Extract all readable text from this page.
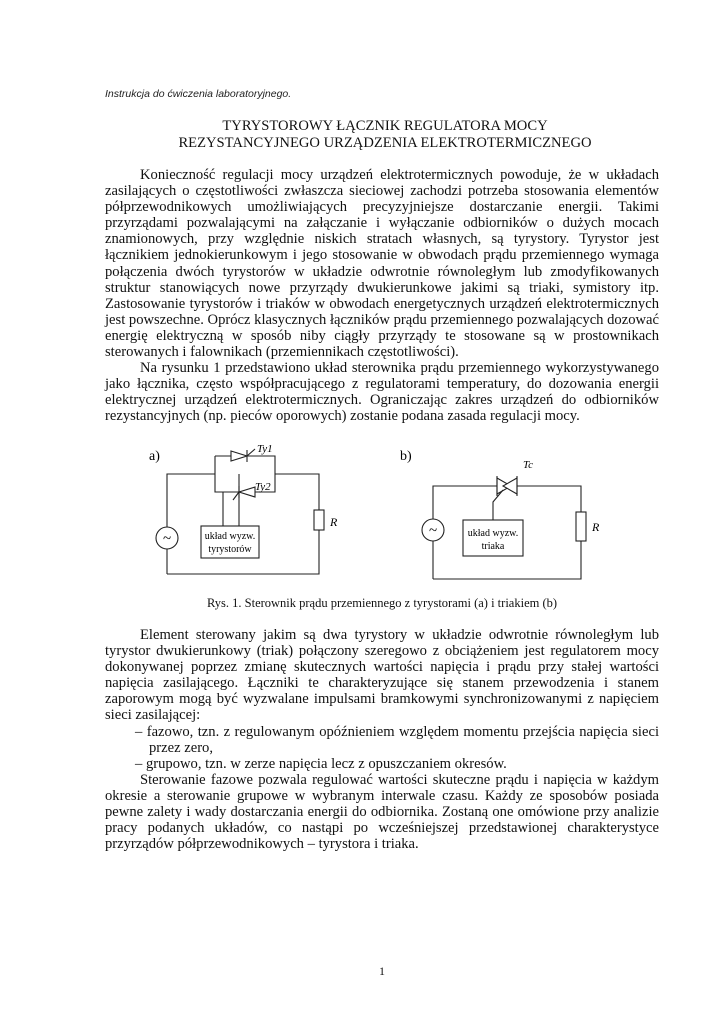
Instrukcja do ćwiczenia laboratoryjnego.
TYRYSTOROWY ŁĄCZNIK REGULATORA MOCY
REZYSTANCYJNEGO URZĄDZENIA ELEKTROTERMICZNEGO

Konieczność regulacji mocy urządzeń elektrotermicznych powoduje, że w układach zasilających o częstotliwości zwłaszcza sieciowej zachodzi potrzeba stosowania elementów półprzewodnikowych umożliwiających precyzyjniejsze dostarczanie energii. Takimi przyrządami pozwalającymi na załączanie i wyłączanie odbiorników o dużych mocach znamionowych, przy względnie niskich stratach własnych, są tyrystory. Tyrystor jest łącznikiem jednokierunkowym i jego stosowanie w obwodach prądu przemiennego wymaga połączenia dwóch tyrystorów w układzie odwrotnie równoległym lub zmodyfikowanych struktur stanowiących nowe przyrządy dwukierunkowe jakimi są triaki, symistory itp. Zastosowanie tyrystorów i triaków w obwodach energetycznych urządzeń elektrotermicznych jest powszechne. Oprócz klasycznych łączników prądu przemiennego pozwalających dozować energię elektryczną w sposób niby ciągły przyrządy te stosowane są w prostownikach sterowanych i falownikach (przemiennikach częstotliwości).

Na rysunku 1 przedstawiono układ sterownika prądu przemiennego wykorzystywanego jako łącznika, często współpracującego z regulatorami temperatury, do dozowania energii elektrycznej urządzeń elektrotermicznych. Ograniczając zakres urządzeń do odbiorników rezystancyjnych (np. pieców oporowych) zostanie podana zasada regulacji mocy.

a)	b)
Ty1
Ty2
Tc
R	R
~	~
układ wyzw.
tyrystorów
układ wyzw.
triaka
Rys. 1. Sterownik prądu przemiennego z tyrystorami (a) i triakiem (b)

Element sterowany jakim są dwa tyrystory w układzie odwrotnie równoległym lub tyrystor dwukierunkowy (triak) połączony szeregowo z obciążeniem jest regulatorem mocy dokonywanej poprzez zmianę skutecznych wartości napięcia i prądu przy stałej wartości napięcia zasilającego. Łączniki te charakteryzujące się stanem przewodzenia i stanem zaporowym mogą być wyzwalane impulsami bramkowymi synchronizowanymi z napięciem sieci zasilającej:

– fazowo, tzn. z regulowanym opóźnieniem względem momentu przejścia napięcia sieci przez zero,

– grupowo, tzn. w zerze napięcia lecz z opuszczaniem okresów.

Sterowanie fazowe pozwala regulować wartości skuteczne prądu i napięcia w każdym okresie a sterowanie grupowe w wybranym interwale czasu. Każdy ze sposobów posiada pewne zalety i wady dostarczania energii do odbiornika. Zostaną one omówione przy analizie pracy podanych układów, co nastąpi po wcześniejszej przedstawionej charakterystyce przyrządów półprzewodnikowych – tyrystora i triaka.

1
